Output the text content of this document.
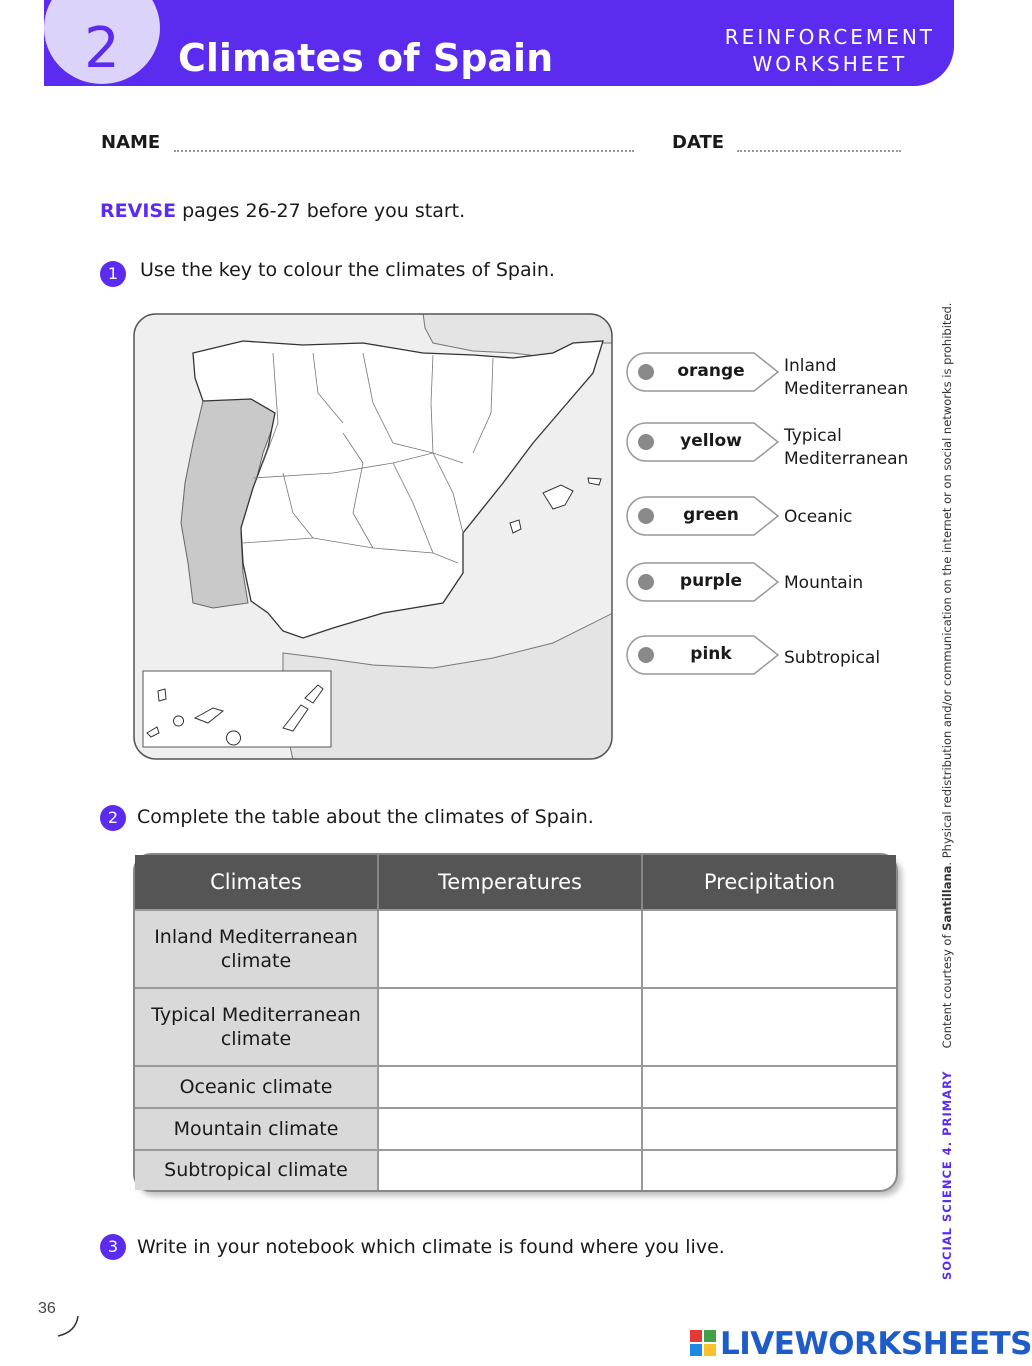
2	Climates of Spain	REINFORCEMENT
WORKSHEET
NAME	DATE
REVISE pages 26-27 before you start.
1	Use the key to colour the climates of Spain.
orange	Inland
Mediterranean
yellow	Typical
Mediterranean
green	Oceanic
purple	Mountain
pink	Subtropical
2 Complete the table about the climates of Spain.
Climates	Temperatures	Precipitation

Inland Mediterranean
climate		

Typical Mediterranean
climate		

Oceanic climate		
Mountain climate		
Subtropical climate		
3 Write in your notebook which climate is found where you live.	SOCIAL SCIENCE 4. PRIMARYContent courtesy of Santillana. Physical redistribution and/or communication on the internet or on social networks is prohibited.
36
LIVEWORKSHEETS
